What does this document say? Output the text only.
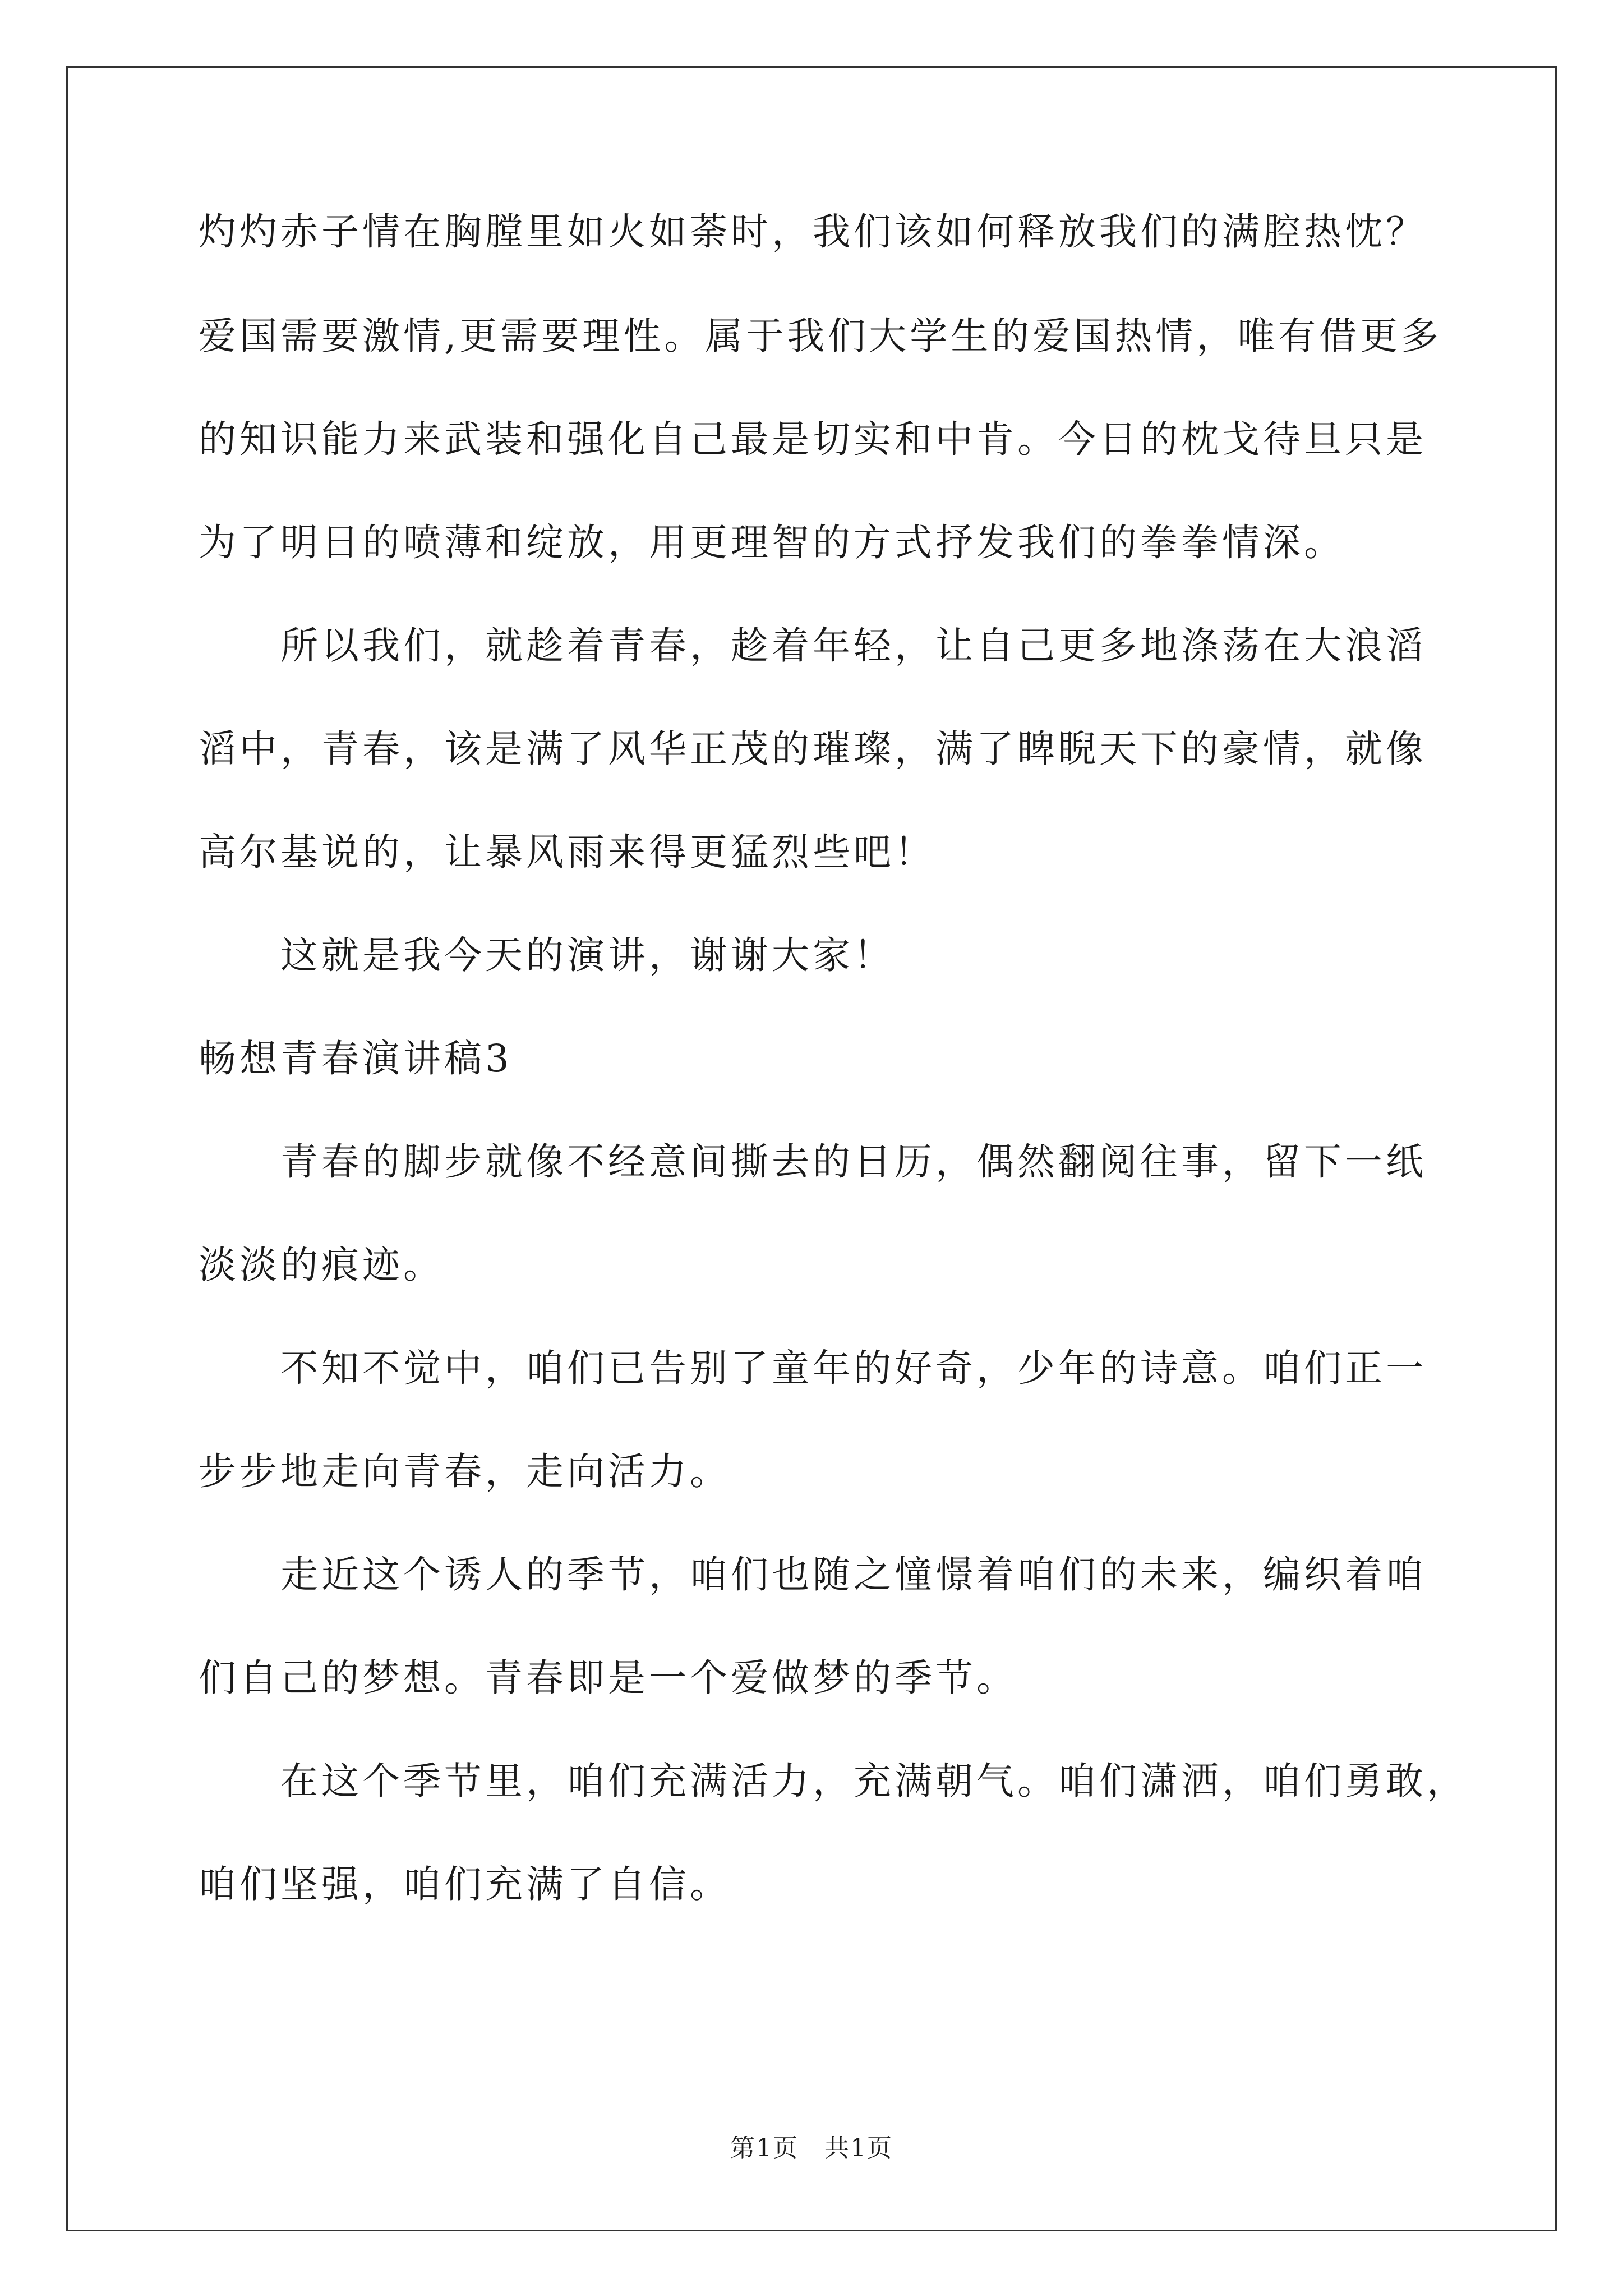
灼灼赤子情在胸膛里如火如荼时，我们该如何释放我们的满腔热忱？
爱国需要激情,更需要理性。属于我们大学生的爱国热情，唯有借更多
的知识能力来武装和强化自己最是切实和中肯。今日的枕戈待旦只是
为了明日的喷薄和绽放，用更理智的方式抒发我们的拳拳情深。
所以我们，就趁着青春，趁着年轻，让自己更多地涤荡在大浪滔
滔中，青春，该是满了风华正茂的璀璨，满了睥睨天下的豪情，就像
高尔基说的，让暴风雨来得更猛烈些吧！
这就是我今天的演讲，谢谢大家！
畅想青春演讲稿3
青春的脚步就像不经意间撕去的日历，偶然翻阅往事，留下一纸
淡淡的痕迹。
不知不觉中，咱们已告别了童年的好奇，少年的诗意。咱们正一
步步地走向青春，走向活力。
走近这个诱人的季节，咱们也随之憧憬着咱们的未来，编织着咱
们自己的梦想。青春即是一个爱做梦的季节。
在这个季节里，咱们充满活力，充满朝气。咱们潇洒，咱们勇敢，
咱们坚强，咱们充满了自信。
第1页　共1页
